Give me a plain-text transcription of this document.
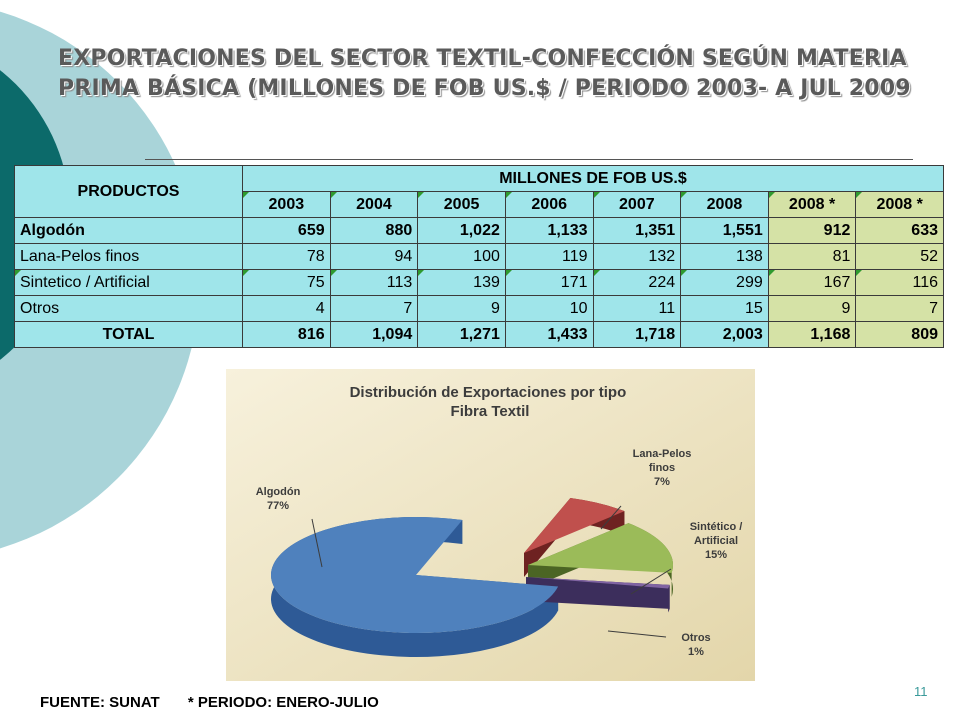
EXPORTACIONES DEL SECTOR TEXTIL-CONFECCIÓN SEGÚN MATERIA PRIMA BÁSICA (MILLONES DE FOB US.$ / PERIODO 2003- A JUL 2009
PRODUCTOS	MILLONES DE FOB US.$							
	2003	2004	2005	2006	2007	2008	2008 *	2008 *
Algodón	659	880	1,022	1,133	1,351	1,551	912	633
Lana-Pelos finos	78	94	100	119	132	138	81	52
Sintetico / Artificial	75	113	139	171	224	299	167	116
Otros	4	7	9	10	11	15	9	7
TOTAL	816	1,094	1,271	1,433	1,718	2,003	1,168	809
Distribución de Exportaciones por tipo Fibra Textil
Algodón 77%
Lana-Pelos finos 7%
Sintético / Artificial 15%
Otros 1%

FUENTE: SUNAT * PERIODO: ENERO-JULIO

11
